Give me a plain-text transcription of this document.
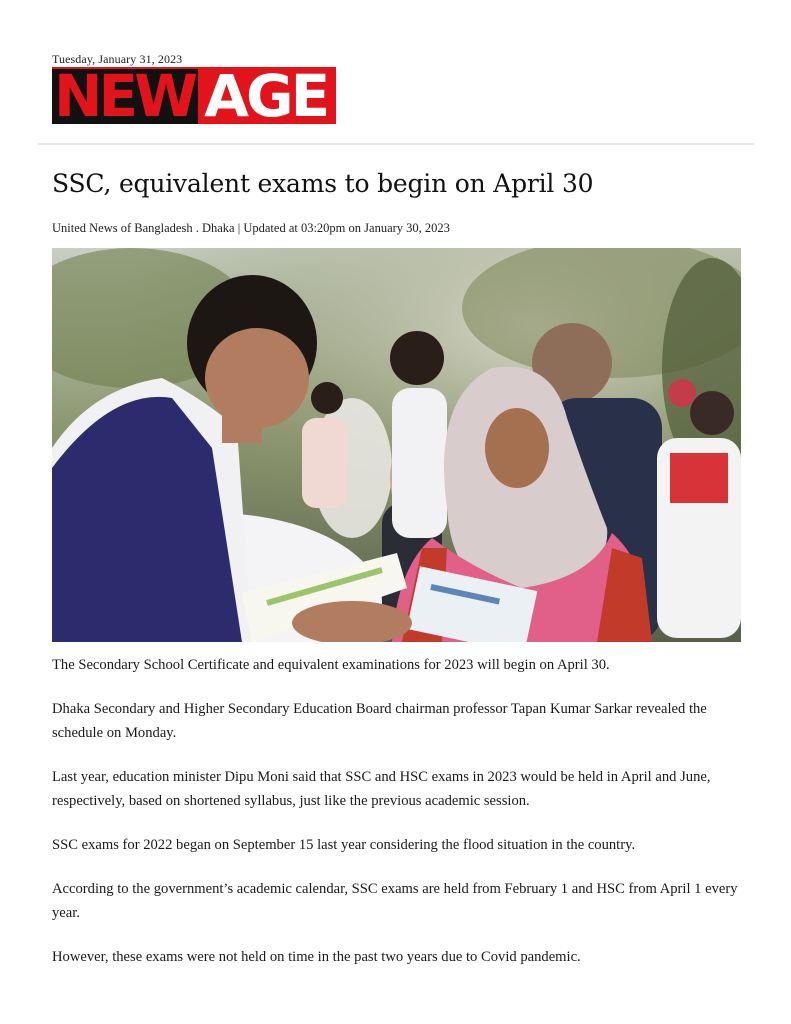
Tuesday, January 31, 2023
NEW AGE
SSC, equivalent exams to begin on April 30
United News of Bangladesh . Dhaka | Updated at 03:20pm on January 30, 2023

The Secondary School Certificate and equivalent examinations for 2023 will begin on April 30.

Dhaka Secondary and Higher Secondary Education Board chairman professor Tapan Kumar Sarkar revealed the schedule on Monday.

Last year, education minister Dipu Moni said that SSC and HSC exams in 2023 would be held in April and June, respectively, based on shortened syllabus, just like the previous academic session.

SSC exams for 2022 began on September 15 last year considering the flood situation in the country.

According to the government’s academic calendar, SSC exams are held from February 1 and HSC from April 1 every year.

However, these exams were not held on time in the past two years due to Covid pandemic.
